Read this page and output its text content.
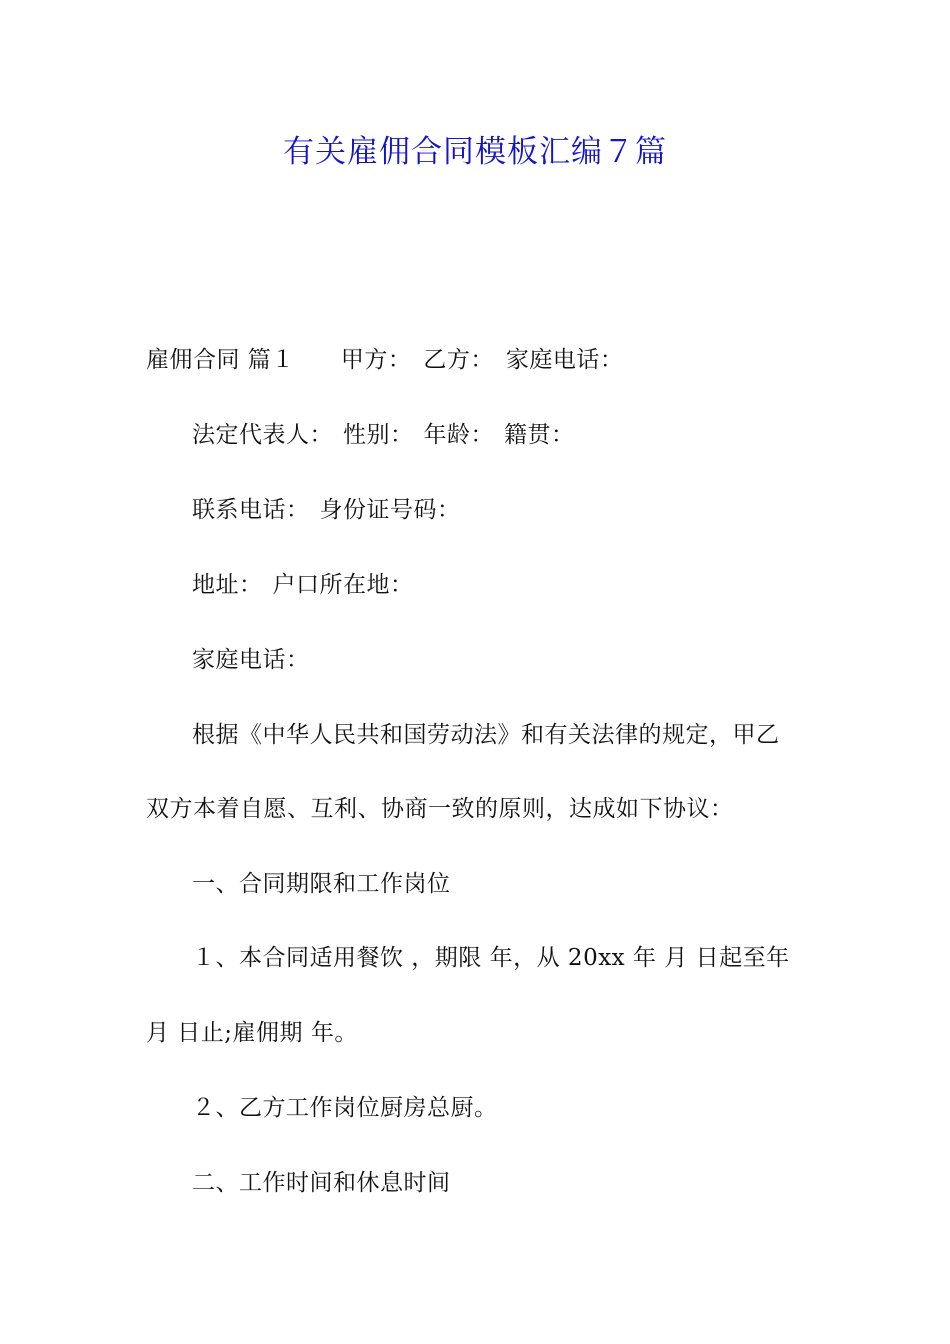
有关雇佣合同模板汇编７篇
雇佣合同 篇１ 甲方： 乙方： 家庭电话：
法定代表人： 性别： 年龄： 籍贯：
联系电话： 身份证号码：
地址： 户口所在地：
家庭电话：
根据《中华人民共和国劳动法》和有关法律的规定，甲乙
双方本着自愿、互利、协商一致的原则，达成如下协议：
一、合同期限和工作岗位
１、本合同适用餐饮 ，期限 年，从 20xx 年 月 日起至年
月 日止;雇佣期 年。
２、乙方工作岗位厨房总厨。
二、工作时间和休息时间
